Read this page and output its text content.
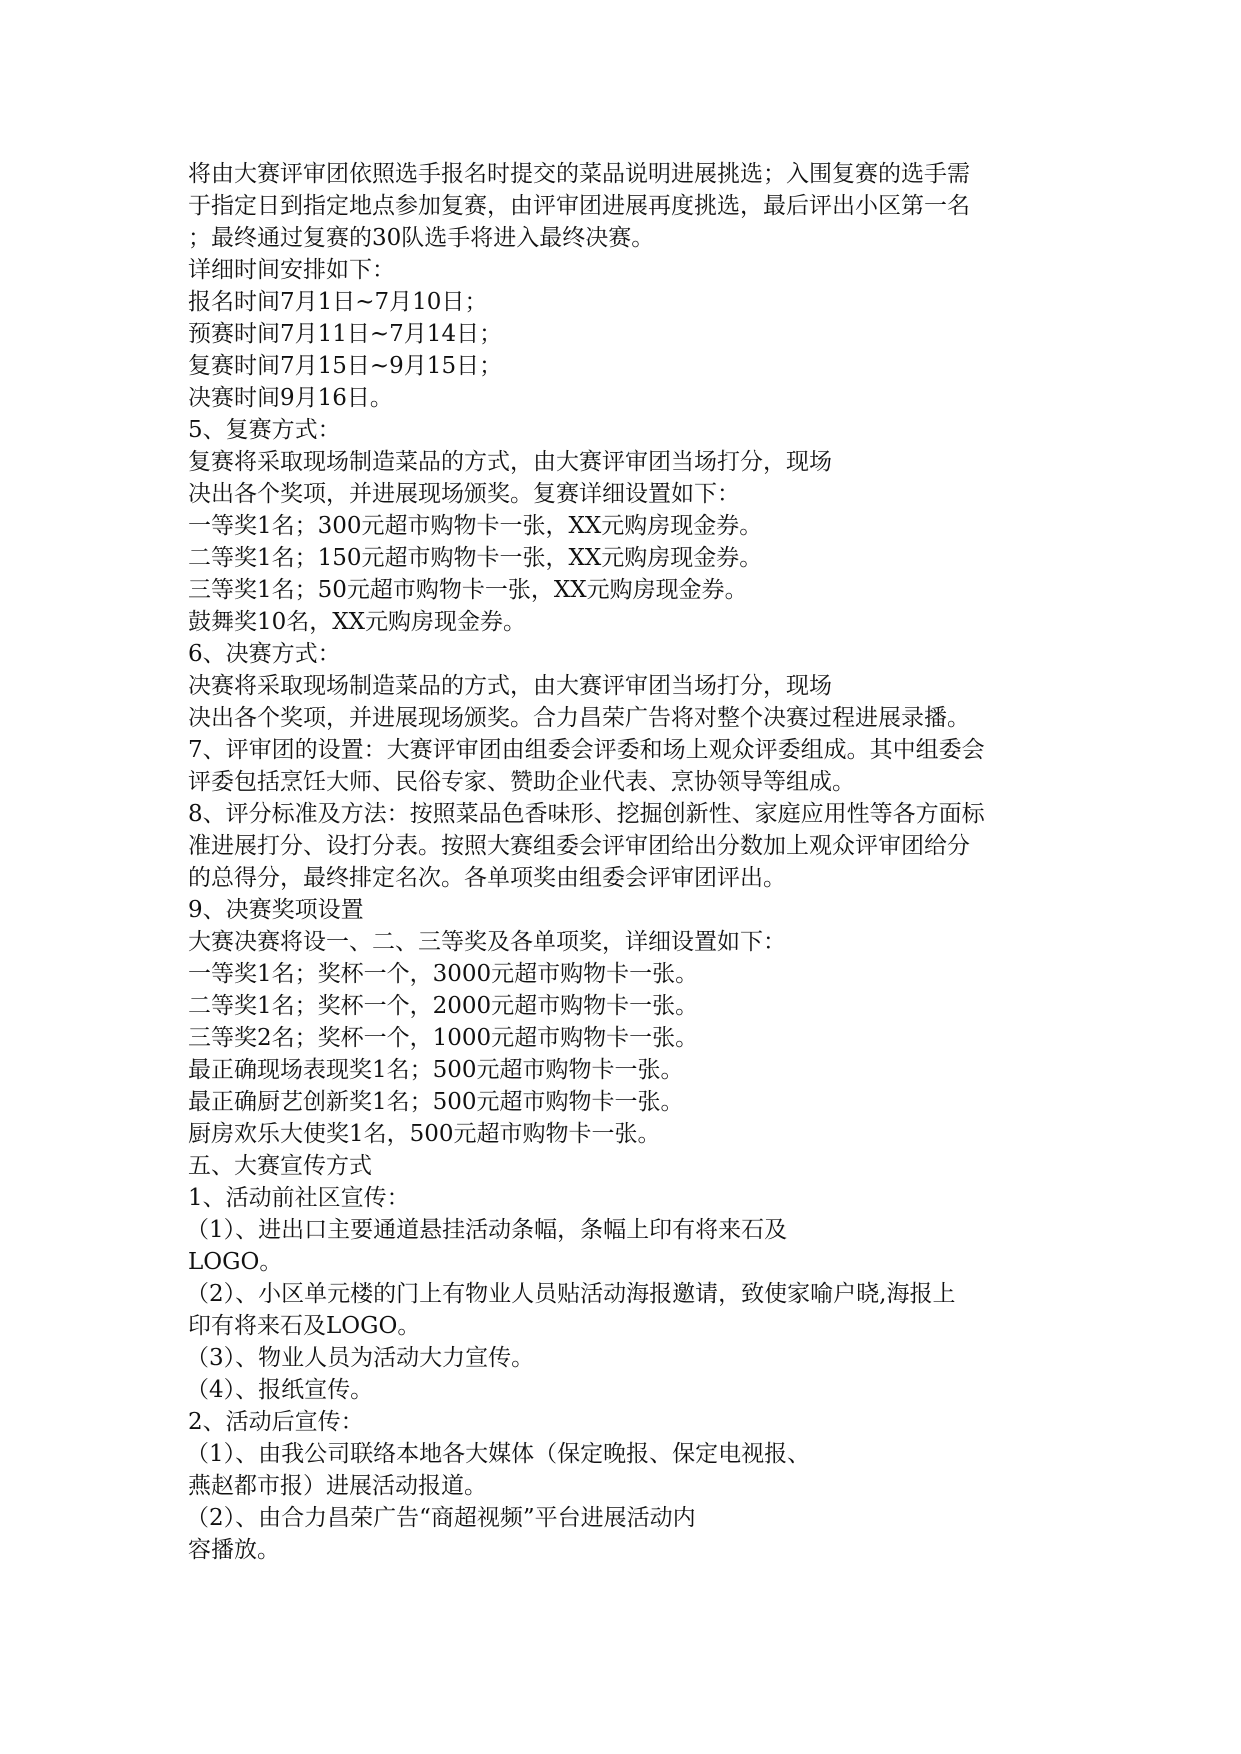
将由大赛评审团依照选手报名时提交的菜品说明进展挑选；入围复赛的选手需
于指定日到指定地点参加复赛，由评审团进展再度挑选，最后评出小区第一名
；最终通过复赛的30队选手将进入最终决赛。
详细时间安排如下：
报名时间7月1日~7月10日；
预赛时间7月11日~7月14日；
复赛时间7月15日~9月15日；
决赛时间9月16日。
5、复赛方式：
复赛将采取现场制造菜品的方式，由大赛评审团当场打分，现场
决出各个奖项，并进展现场颁奖。复赛详细设置如下：
一等奖1名；300元超市购物卡一张，XX元购房现金券。
二等奖1名；150元超市购物卡一张，XX元购房现金券。
三等奖1名；50元超市购物卡一张，XX元购房现金券。
鼓舞奖10名，XX元购房现金券。
6、决赛方式：
决赛将采取现场制造菜品的方式，由大赛评审团当场打分，现场
决出各个奖项，并进展现场颁奖。合力昌荣广告将对整个决赛过程进展录播。
7、评审团的设置：大赛评审团由组委会评委和场上观众评委组成。其中组委会
评委包括烹饪大师、民俗专家、赞助企业代表、烹协领导等组成。
8、评分标准及方法：按照菜品色香味形、挖掘创新性、家庭应用性等各方面标
准进展打分、设打分表。按照大赛组委会评审团给出分数加上观众评审团给分
的总得分，最终排定名次。各单项奖由组委会评审团评出。
9、决赛奖项设置
大赛决赛将设一、二、三等奖及各单项奖，详细设置如下：
一等奖1名；奖杯一个，3000元超市购物卡一张。
二等奖1名；奖杯一个，2000元超市购物卡一张。
三等奖2名；奖杯一个，1000元超市购物卡一张。
最正确现场表现奖1名；500元超市购物卡一张。
最正确厨艺创新奖1名；500元超市购物卡一张。
厨房欢乐大使奖1名，500元超市购物卡一张。
五、大赛宣传方式
1、活动前社区宣传：
（1）、进出口主要通道悬挂活动条幅，条幅上印有将来石及
LOGO。
（2）、小区单元楼的门上有物业人员贴活动海报邀请，致使家喻户晓,海报上
印有将来石及LOGO。
（3）、物业人员为活动大力宣传。
（4）、报纸宣传。
2、活动后宣传：
（1）、由我公司联络本地各大媒体（保定晚报、保定电视报、
燕赵都市报）进展活动报道。
（2）、由合力昌荣广告“商超视频”平台进展活动内
容播放。
